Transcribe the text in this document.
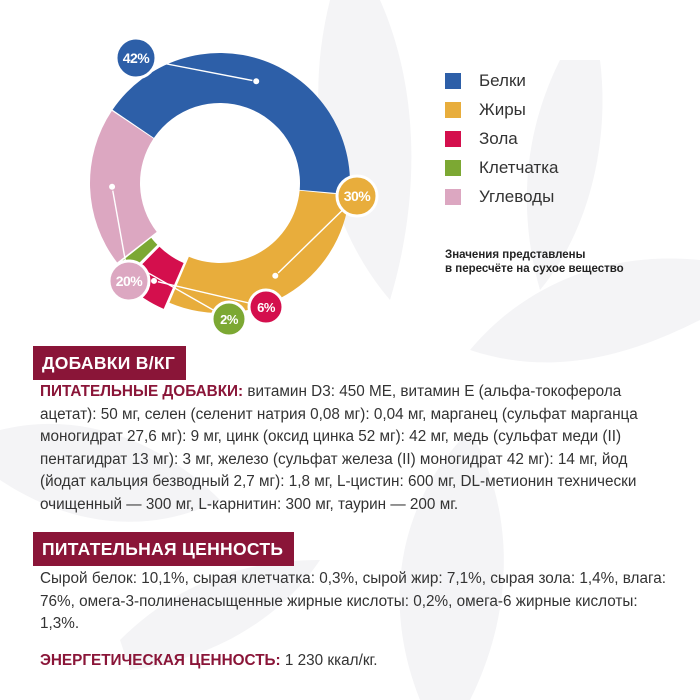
42%
30%
6%
2%
20%
Белки
Жиры
Зола
Клетчатка
Углеводы
Значения представлены
в пересчёте на сухое вещество
ДОБАВКИ В/КГ
ПИТАТЕЛЬНЫЕ ДОБАВКИ: витамин D3: 450 МЕ, витамин Е (альфа-токоферола ацетат): 50 мг, селен (селенит натрия 0,08 мг): 0,04 мг, марганец (сульфат марганца моногидрат 27,6 мг): 9 мг, цинк (оксид цинка 52 мг): 42 мг, медь (сульфат меди (II) пентагидрат 13 мг): 3 мг, железо (сульфат железа (II) моногидрат 42 мг): 14 мг, йод (йодат кальция безводный 2,7 мг): 1,8 мг, L-цистин: 600 мг, DL-метионин технически очищенный — 300 мг, L-карнитин: 300 мг, таурин — 200 мг.
ПИТАТЕЛЬНАЯ ЦЕННОСТЬ
Сырой белок: 10,1%, сырая клетчатка: 0,3%, сырой жир: 7,1%, сырая зола: 1,4%, влага: 76%, омега-3-полиненасыщенные жирные кислоты: 0,2%, омега-6 жирные кислоты: 1,3%.
ЭНЕРГЕТИЧЕСКАЯ ЦЕННОСТЬ: 1 230 ккал/кг.
